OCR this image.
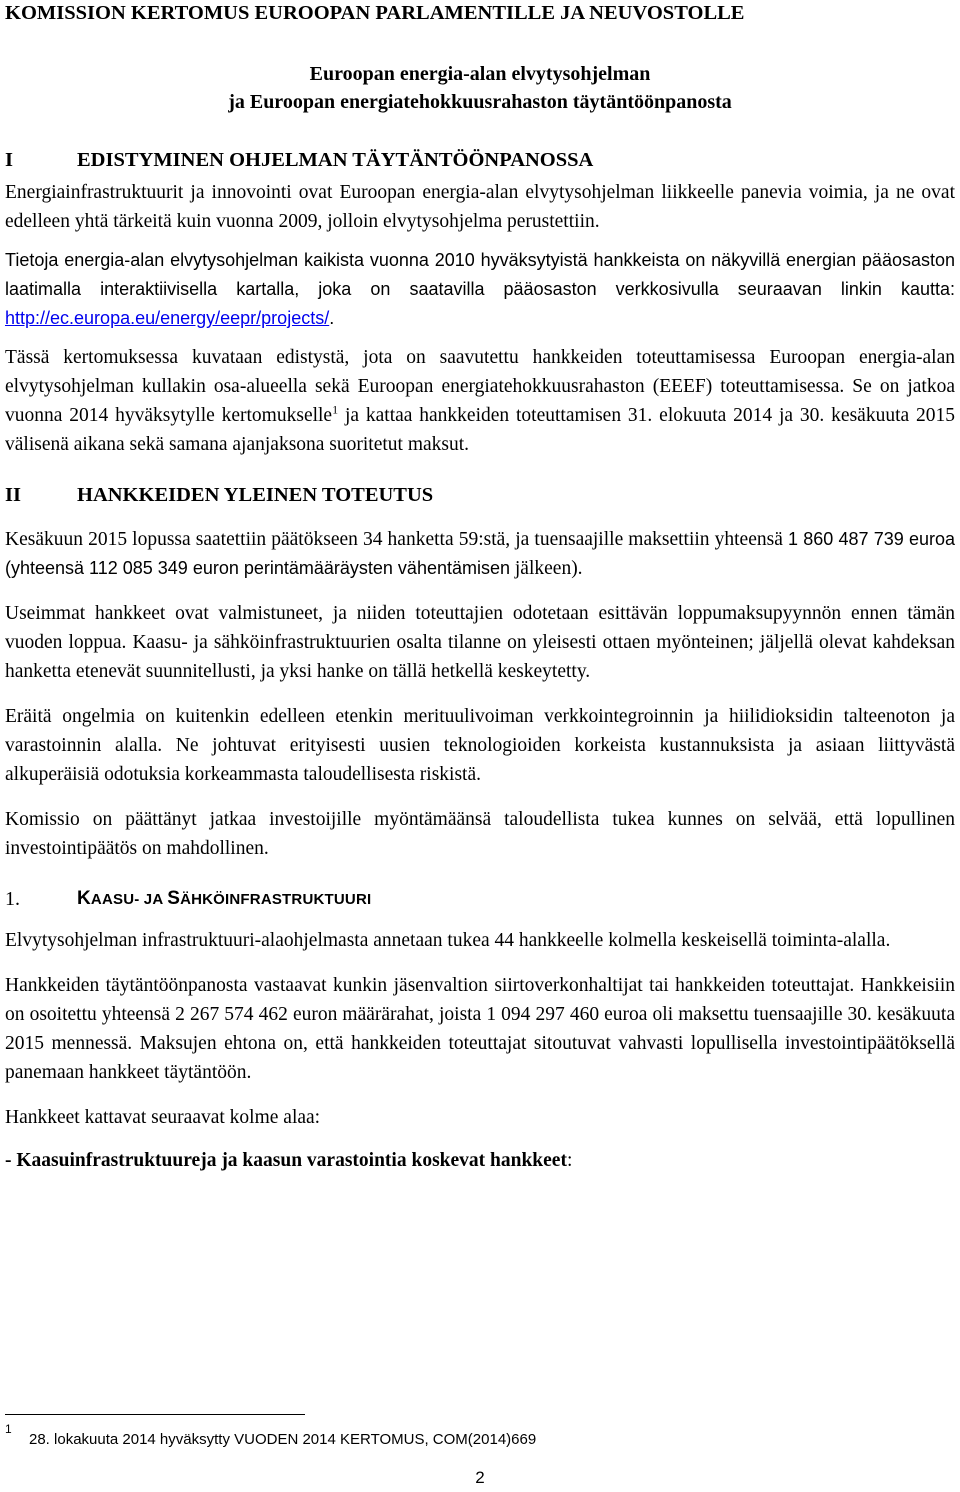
KOMISSION KERTOMUS EUROOPAN PARLAMENTILLE JA NEUVOSTOLLE
Euroopan energia-alan elvytysohjelman
ja Euroopan energiatehokkuusrahaston täytäntöönpanosta
I	EDISTYMINEN OHJELMAN TÄYTÄNTÖÖNPANOSSA

Energiainfrastruktuurit ja innovointi ovat Euroopan energia-alan elvytysohjelman liikkeelle panevia voimia, ja ne ovat edelleen yhtä tärkeitä kuin vuonna 2009, jolloin elvytysohjelma perustettiin.

Tietoja energia-alan elvytysohjelman kaikista vuonna 2010 hyväksytyistä hankkeista on näkyvillä energian pääosaston laatimalla interaktiivisella kartalla, joka on saatavilla pääosaston verkkosivulla seuraavan linkin kautta: http://ec.europa.eu/energy/eepr/projects/.

Tässä kertomuksessa kuvataan edistystä, jota on saavutettu hankkeiden toteuttamisessa Euroopan energia-alan elvytysohjelman kullakin osa-alueella sekä Euroopan energiatehokkuusrahaston (EEEF) toteuttamisessa. Se on jatkoa vuonna 2014 hyväksytylle kertomukselle$^1$ ja kattaa hankkeiden toteuttamisen 31. elokuuta 2014 ja 30. kesäkuuta 2015 välisenä aikana sekä samana ajanjaksona suoritetut maksut.

II	HANKKEIDEN YLEINEN TOTEUTUS

Kesäkuun 2015 lopussa saatettiin päätökseen 34 hanketta 59:stä, ja tuensaajille maksettiin yhteensä 1 860 487 739 euroa (yhteensä 112 085 349 euron perintämääräysten vähentämisen jälkeen).

Useimmat hankkeet ovat valmistuneet, ja niiden toteuttajien odotetaan esittävän loppumaksupyynnön ennen tämän vuoden loppua. Kaasu- ja sähköinfrastruktuurien osalta tilanne on yleisesti ottaen myönteinen; jäljellä olevat kahdeksan hanketta etenevät suunnitellusti, ja yksi hanke on tällä hetkellä keskeytetty.

Eräitä ongelmia on kuitenkin edelleen etenkin merituulivoiman verkkointegroinnin ja hiilidioksidin talteenoton ja varastoinnin alalla. Ne johtuvat erityisesti uusien teknologioiden korkeista kustannuksista ja asiaan liittyvästä alkuperäisiä odotuksia korkeammasta taloudellisesta riskistä.

Komissio on päättänyt jatkaa investoijille myöntämäänsä taloudellista tukea kunnes on selvää, että lopullinen investointipäätös on mahdollinen.

1.	KAASU- JA SÄHKÖINFRASTRUKTUURI

Elvytysohjelman infrastruktuuri-alaohjelmasta annetaan tukea 44 hankkeelle kolmella keskeisellä toiminta-alalla.

Hankkeiden täytäntöönpanosta vastaavat kunkin jäsenvaltion siirtoverkonhaltijat tai hankkeiden toteuttajat. Hankkeisiin on osoitettu yhteensä 2 267 574 462 euron määrärahat, joista 1 094 297 460 euroa oli maksettu tuensaajille 30. kesäkuuta 2015 mennessä. Maksujen ehtona on, että hankkeiden toteuttajat sitoutuvat vahvasti lopullisella investointipäätöksellä panemaan hankkeet täytäntöön.

Hankkeet kattavat seuraavat kolme alaa:

- Kaasuinfrastruktuureja ja kaasun varastointia koskevat hankkeet:

1
28. lokakuuta 2014 hyväksytty VUODEN 2014 KERTOMUS, COM(2014)669
2
